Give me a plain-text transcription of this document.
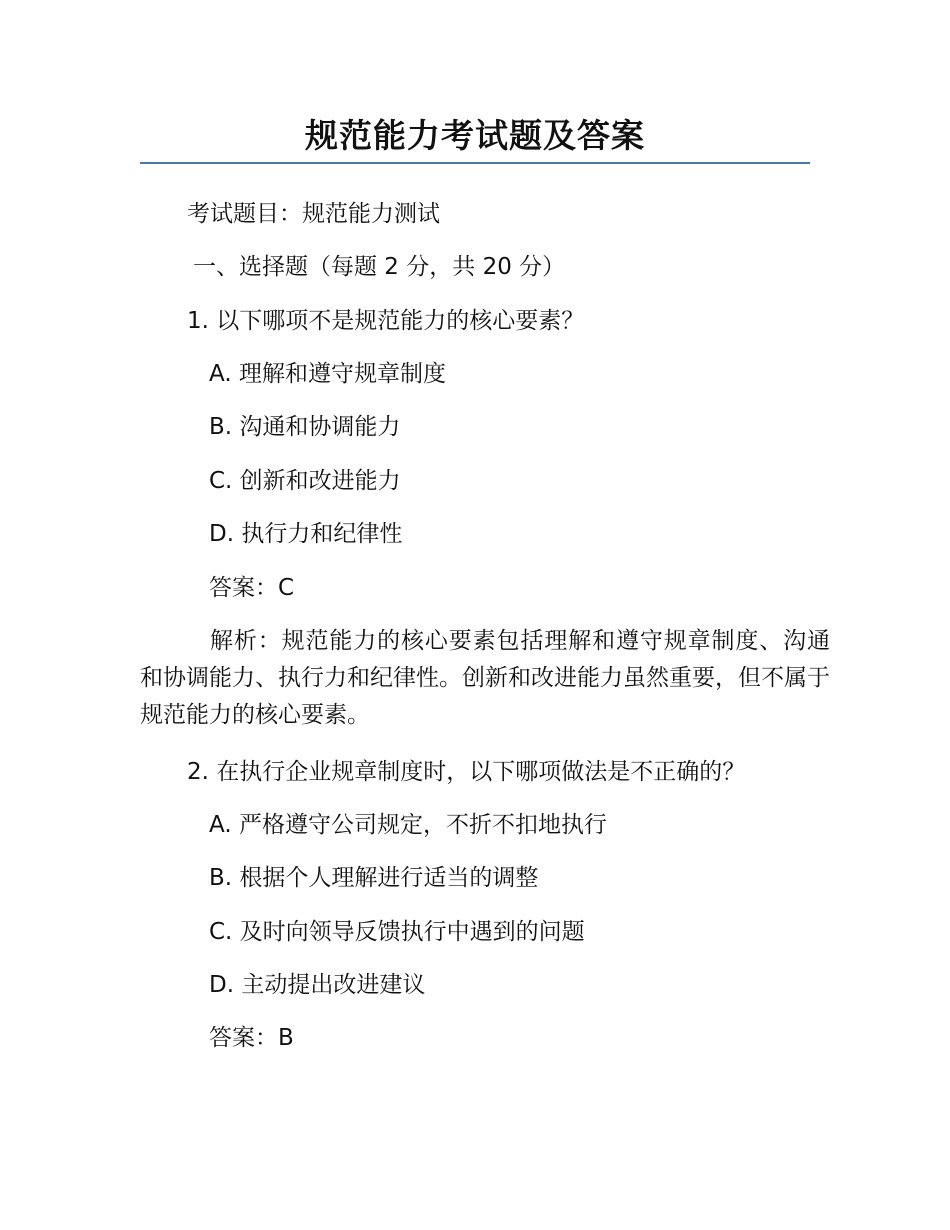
规范能力考试题及答案
考试题目：规范能力测试
一、选择题（每题 2 分，共 20 分）
1. 以下哪项不是规范能力的核心要素？
A. 理解和遵守规章制度
B. 沟通和协调能力
C. 创新和改进能力
D. 执行力和纪律性
答案：C
解析：规范能力的核心要素包括理解和遵守规章制度、沟通和协调能力、执行力和纪律性。创新和改进能力虽然重要，但不属于规范能力的核心要素。
2. 在执行企业规章制度时，以下哪项做法是不正确的？
A. 严格遵守公司规定，不折不扣地执行
B. 根据个人理解进行适当的调整
C. 及时向领导反馈执行中遇到的问题
D. 主动提出改进建议
答案：B
